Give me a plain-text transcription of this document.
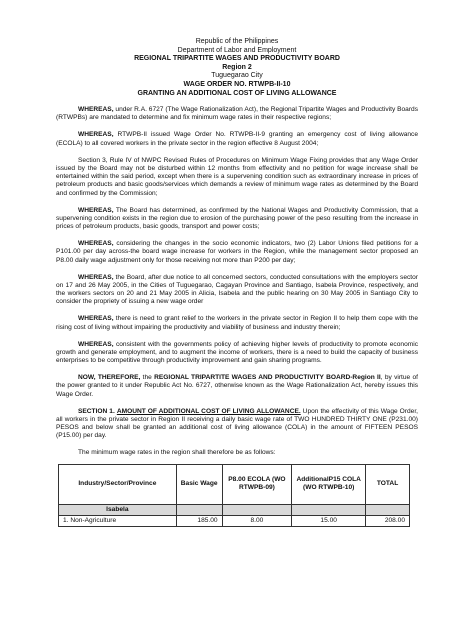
Republic of the Philippines
Department of Labor and Employment
REGIONAL TRIPARTITE WAGES AND PRODUCTIVITY BOARD
Region 2
Tuguegarao City
WAGE ORDER NO. RTWPB-II-10
GRANTING AN ADDITIONAL COST OF LIVING ALLOWANCE

WHEREAS, under R.A. 6727 (The Wage Rationalization Act), the Regional Tripartite Wages and Productivity Boards (RTWPBs) are mandated to determine and fix minimum wage rates in their respective regions;

WHEREAS, RTWPB-II issued Wage Order No. RTWPB-II-9 granting an emergency cost of living allowance (ECOLA) to all covered workers in the private sector in the region effective 8 August 2004;

Section 3, Rule IV of NWPC Revised Rules of Procedures on Minimum Wage Fixing provides that any Wage Order issued by the Board may not be disturbed within 12 months from effectivity and no petition for wage increase shall be entertained within the said period, except when there is a supervening condition such as extraordinary increase in prices of petroleum products and basic goods/services which demands a review of minimum wage rates as determined by the Board and confirmed by the Commission;

WHEREAS, The Board has determined, as confirmed by the National Wages and Productivity Commission, that a supervening condition exists in the region due to erosion of the purchasing power of the peso resulting from the increase in prices of petroleum products, basic goods, transport and power costs;

WHEREAS, considering the changes in the socio economic indicators, two (2) Labor Unions filed petitions for a P101.00 per day across-the board wage increase for workers in the Region, while the management sector proposed an P8.00 daily wage adjustment only for those receiving not more than P200 per day;

WHEREAS, the Board, after due notice to all concerned sectors, conducted consultations with the employers sector on 17 and 26 May 2005, in the Cities of Tuguegarao, Cagayan Province and Santiago, Isabela Province, respectively, and the workers sectors on 20 and 21 May 2005 in Alicia, Isabela and the public hearing on 30 May 2005 in Santiago City to consider the propriety of issuing a new wage order

WHEREAS, there is need to grant relief to the workers in the private sector in Region II to help them cope with the rising cost of living without impairing the productivity and viability of business and industry therein;

WHEREAS, consistent with the governments policy of achieving higher levels of productivity to promote economic growth and generate employment, and to augment the income of workers, there is a need to build the capacity of business enterprises to be competitive through productivity improvement and gain sharing programs.

NOW, THEREFORE, the REGIONAL TRIPARTITE WAGES AND PRODUCTIVITY BOARD-Region II, by virtue of the power granted to it under Republic Act No. 6727, otherwise known as the Wage Rationalization Act, hereby issues this Wage Order.

SECTION 1. AMOUNT OF ADDITIONAL COST OF LIVING ALLOWANCE. Upon the effectivity of this Wage Order, all workers in the private sector in Region II receiving a daily basic wage rate of TWO HUNDRED THIRTY ONE (P231.00) PESOS and below shall be granted an additional cost of living allowance (COLA) in the amount of FIFTEEN PESOS (P15.00) per day.

The minimum wage rates in the region shall therefore be as follows:

Industry/Sector/Province	Basic Wage	P8.00 ECOLA (WO RTWPB-09)	AdditionalP15 COLA (WO RTWPB-10)	TOTAL
Isabela				
1. Non-Agriculture	185.00	8.00	15.00	208.00
